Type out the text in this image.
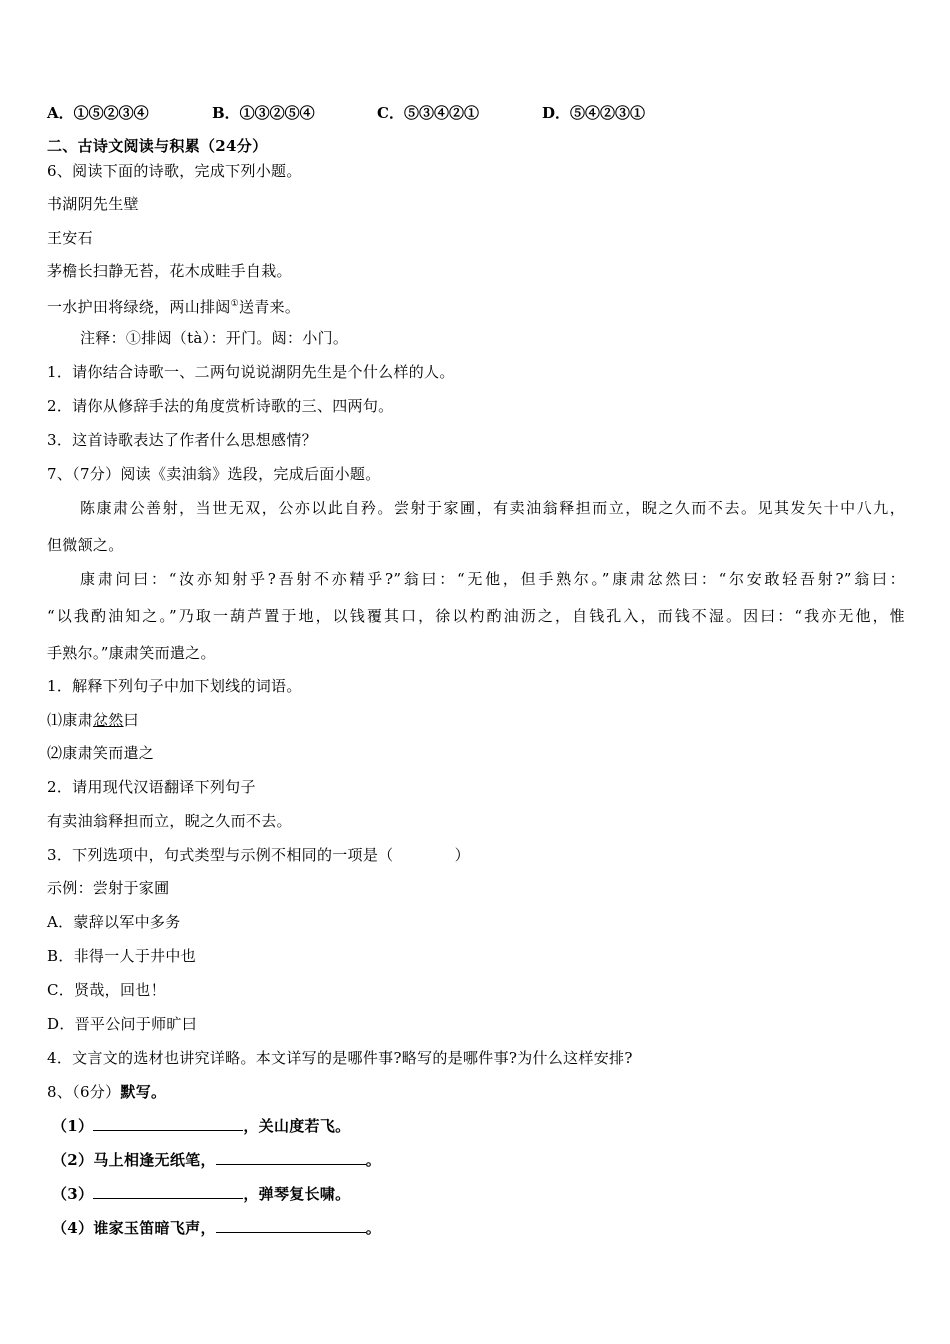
A．①⑤②③④	B．①③②⑤④	C．⑤③④②①	D．⑤④②③①
二、古诗文阅读与积累（24分）
6、阅读下面的诗歌，完成下列小题。
书湖阴先生壁
王安石
茅檐长扫静无苔，花木成畦手自栽。
一水护田将绿绕，两山排闼①送青来。
注释：①排闼（tà）：开门。闼：小门。
1．请你结合诗歌一、二两句说说湖阴先生是个什么样的人。
2．请你从修辞手法的角度赏析诗歌的三、四两句。
3．这首诗歌表达了作者什么思想感情？
7、（7分）阅读《卖油翁》选段，完成后面小题。
陈康肃公善射，当世无双，公亦以此自矜。尝射于家圃，有卖油翁释担而立，睨之久而不去。见其发矢十中八九，
但微颔之。
康肃问曰：“汝亦知射乎?吾射不亦精乎?”翁曰：“无他，但手熟尔。”康肃忿然曰：“尔安敢轻吾射?”翁曰：
“以我酌油知之。”乃取一葫芦置于地，以钱覆其口，徐以杓酌油沥之，自钱孔入，而钱不湿。因曰：“我亦无他，惟
手熟尔。”康肃笑而遣之。
1．解释下列句子中加下划线的词语。
⑴康肃忿然曰
⑵康肃笑而遣之
2．请用现代汉语翻译下列句子
有卖油翁释担而立，睨之久而不去。
3．下列选项中，句式类型与示例不相同的一项是（　　　　）
示例：尝射于家圃
A．蒙辞以军中多务
B．非得一人于井中也
C．贤哉，回也！
D．晋平公问于师旷曰
4．文言文的选材也讲究详略。本文详写的是哪件事?略写的是哪件事?为什么这样安排?
8、（6分）默写。
（1）	，关山度若飞。
（2）马上相逢无纸笔，	。
（3）	，弹琴复长啸。
（4）谁家玉笛暗飞声，	。
